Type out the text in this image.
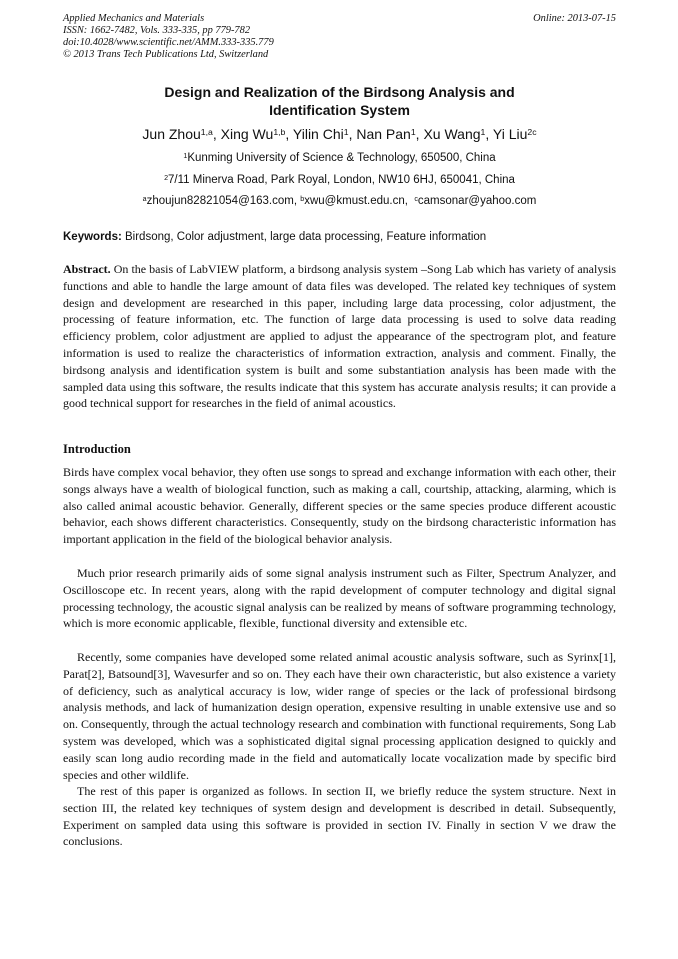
Applied Mechanics and Materials
ISSN: 1662-7482, Vols. 333-335, pp 779-782
doi:10.4028/www.scientific.net/AMM.333-335.779
© 2013 Trans Tech Publications Ltd, Switzerland
Online: 2013-07-15
Design and Realization of the Birdsong Analysis and
Identification System
Jun Zhou$^{1,a}$, Xing Wu$^{1,b}$, Yilin Chi$^1$, Nan Pan$^1$, Xu Wang$^1$, Yi Liu$^{2c}$
$^1$Kunming University of Science & Technology, 650500, China
$^2$7/11 Minerva Road, Park Royal, London, NW10 6HJ, 650041, China
$^a$zhoujun82821054@163.com, $^b$xwu@kmust.edu.cn, $^c$camsonar@yahoo.com
Keywords: Birdsong, Color adjustment, large data processing, Feature information
Abstract. On the basis of LabVIEW platform, a birdsong analysis system –Song Lab which has variety of analysis functions and able to handle the large amount of data files was developed. The related key techniques of system design and development are researched in this paper, including large data processing, color adjustment, the processing of feature information, etc. The function of large data processing is used to solve data reading efficiency problem, color adjustment are applied to adjust the appearance of the spectrogram plot, and feature information is used to realize the characteristics of information extraction, analysis and comment. Finally, the birdsong analysis and identification system is built and some substantiation analysis has been made with the sampled data using this software, the results indicate that this system has accurate analysis results; it can provide a good technical support for researches in the field of animal acoustics.
Introduction
Birds have complex vocal behavior, they often use songs to spread and exchange information with each other, their songs always have a wealth of biological function, such as making a call, courtship, attacking, alarming, which is also called animal acoustic behavior. Generally, different species or the same species produce different acoustic behavior, each shows different characteristics. Consequently, study on the birdsong characteristic information has important application in the field of the biological behavior analysis.
Much prior research primarily aids of some signal analysis instrument such as Filter, Spectrum Analyzer, and Oscilloscope etc. In recent years, along with the rapid development of computer technology and digital signal processing technology, the acoustic signal analysis can be realized by means of software programming technology, which is more economic applicable, flexible, functional diversity and extensible etc.
Recently, some companies have developed some related animal acoustic analysis software, such as Syrinx[1], Parat[2], Batsound[3], Wavesurfer and so on. They each have their own characteristic, but also existence a variety of deficiency, such as analytical accuracy is low, wider range of species or the lack of professional birdsong analysis methods, and lack of humanization design operation, expensive resulting in unable extensive use and so on. Consequently, through the actual technology research and combination with functional requirements, Song Lab system was developed, which was a sophisticated digital signal processing application designed to quickly and easily scan long audio recording made in the field and automatically locate vocalization made by specific bird species and other wildlife.
The rest of this paper is organized as follows. In section II, we briefly reduce the system structure. Next in section III, the related key techniques of system design and development is described in detail. Subsequently, Experiment on sampled data using this software is provided in section IV. Finally in section V we draw the conclusions.
